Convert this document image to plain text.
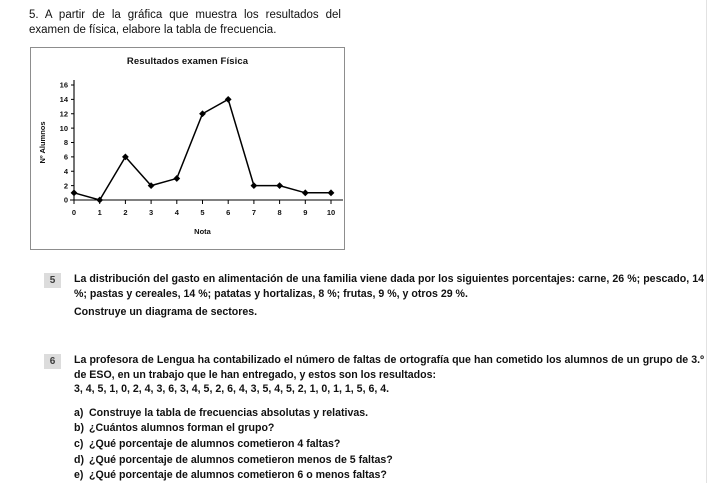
5. A partir de la gráfica que muestra los resultados del examen de física, elabore la tabla de frecuencia.
Resultados examen Física
0
2
4
6
8
10
12
14
16
0	1	2	3	4	5	6	7	8	9	10
Nota
Nº Alumnos
5	La distribución del gasto en alimentación de una familia viene dada por los siguientes porcentajes: carne, 26 %; pescado, 14 %; pastas y cereales, 14 %; patatas y hortalizas, 8 %; frutas, 9 %, y otros 29 %.

Construye un diagrama de sectores.

6	La profesora de Lengua ha contabilizado el número de faltas de ortografía que han cometido los alumnos de un grupo de 3.º de ESO, en un trabajo que le han entregado, y estos son los resultados:

3, 4, 5, 1, 0, 2, 4, 3, 6, 3, 4, 5, 2, 6, 4, 3, 5, 4, 5, 2, 1, 0, 1, 1, 5, 6, 4.

a) Construye la tabla de frecuencias absolutas y relativas.
b) ¿Cuántos alumnos forman el grupo?
c) ¿Qué porcentaje de alumnos cometieron 4 faltas?
d) ¿Qué porcentaje de alumnos cometieron menos de 5 faltas?
e) ¿Qué porcentaje de alumnos cometieron 6 o menos faltas?
